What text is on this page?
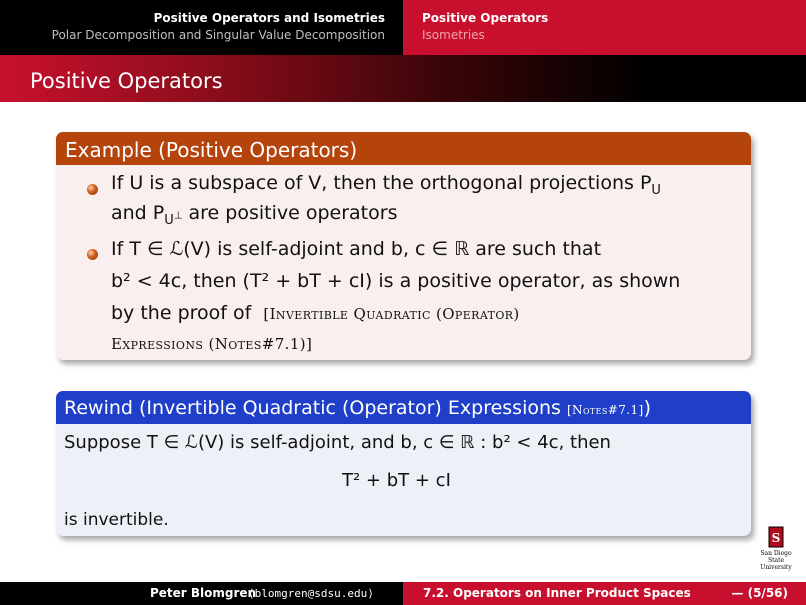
Positive Operators and Isometries
Polar Decomposition and Singular Value Decomposition
Positive Operators
Isometries
Positive Operators
Example (Positive Operators)
If U is a subspace of V, then the orthogonal projections $P_U$
and $P_{U^\perp}$ are positive operators
If T ∈ ℒ(V) is self-adjoint and b, c ∈ ℝ are such that
b² < 4c, then (T² + bT + cI) is a positive operator, as shown
by the proof of [Invertible Quadratic (Operator)
Expressions (Notes#7.1)]
Rewind (Invertible Quadratic (Operator) Expressions [Notes#7.1])
Suppose T ∈ ℒ(V) is self-adjoint, and b, c ∈ ℝ : b² < 4c, then
T² + bT + cI
is invertible.
S
San Diego State
University
Peter Blomgren
⟨blomgren@sdsu.edu⟩	7.2. Operators on Inner Product Spaces	— (5/56)
